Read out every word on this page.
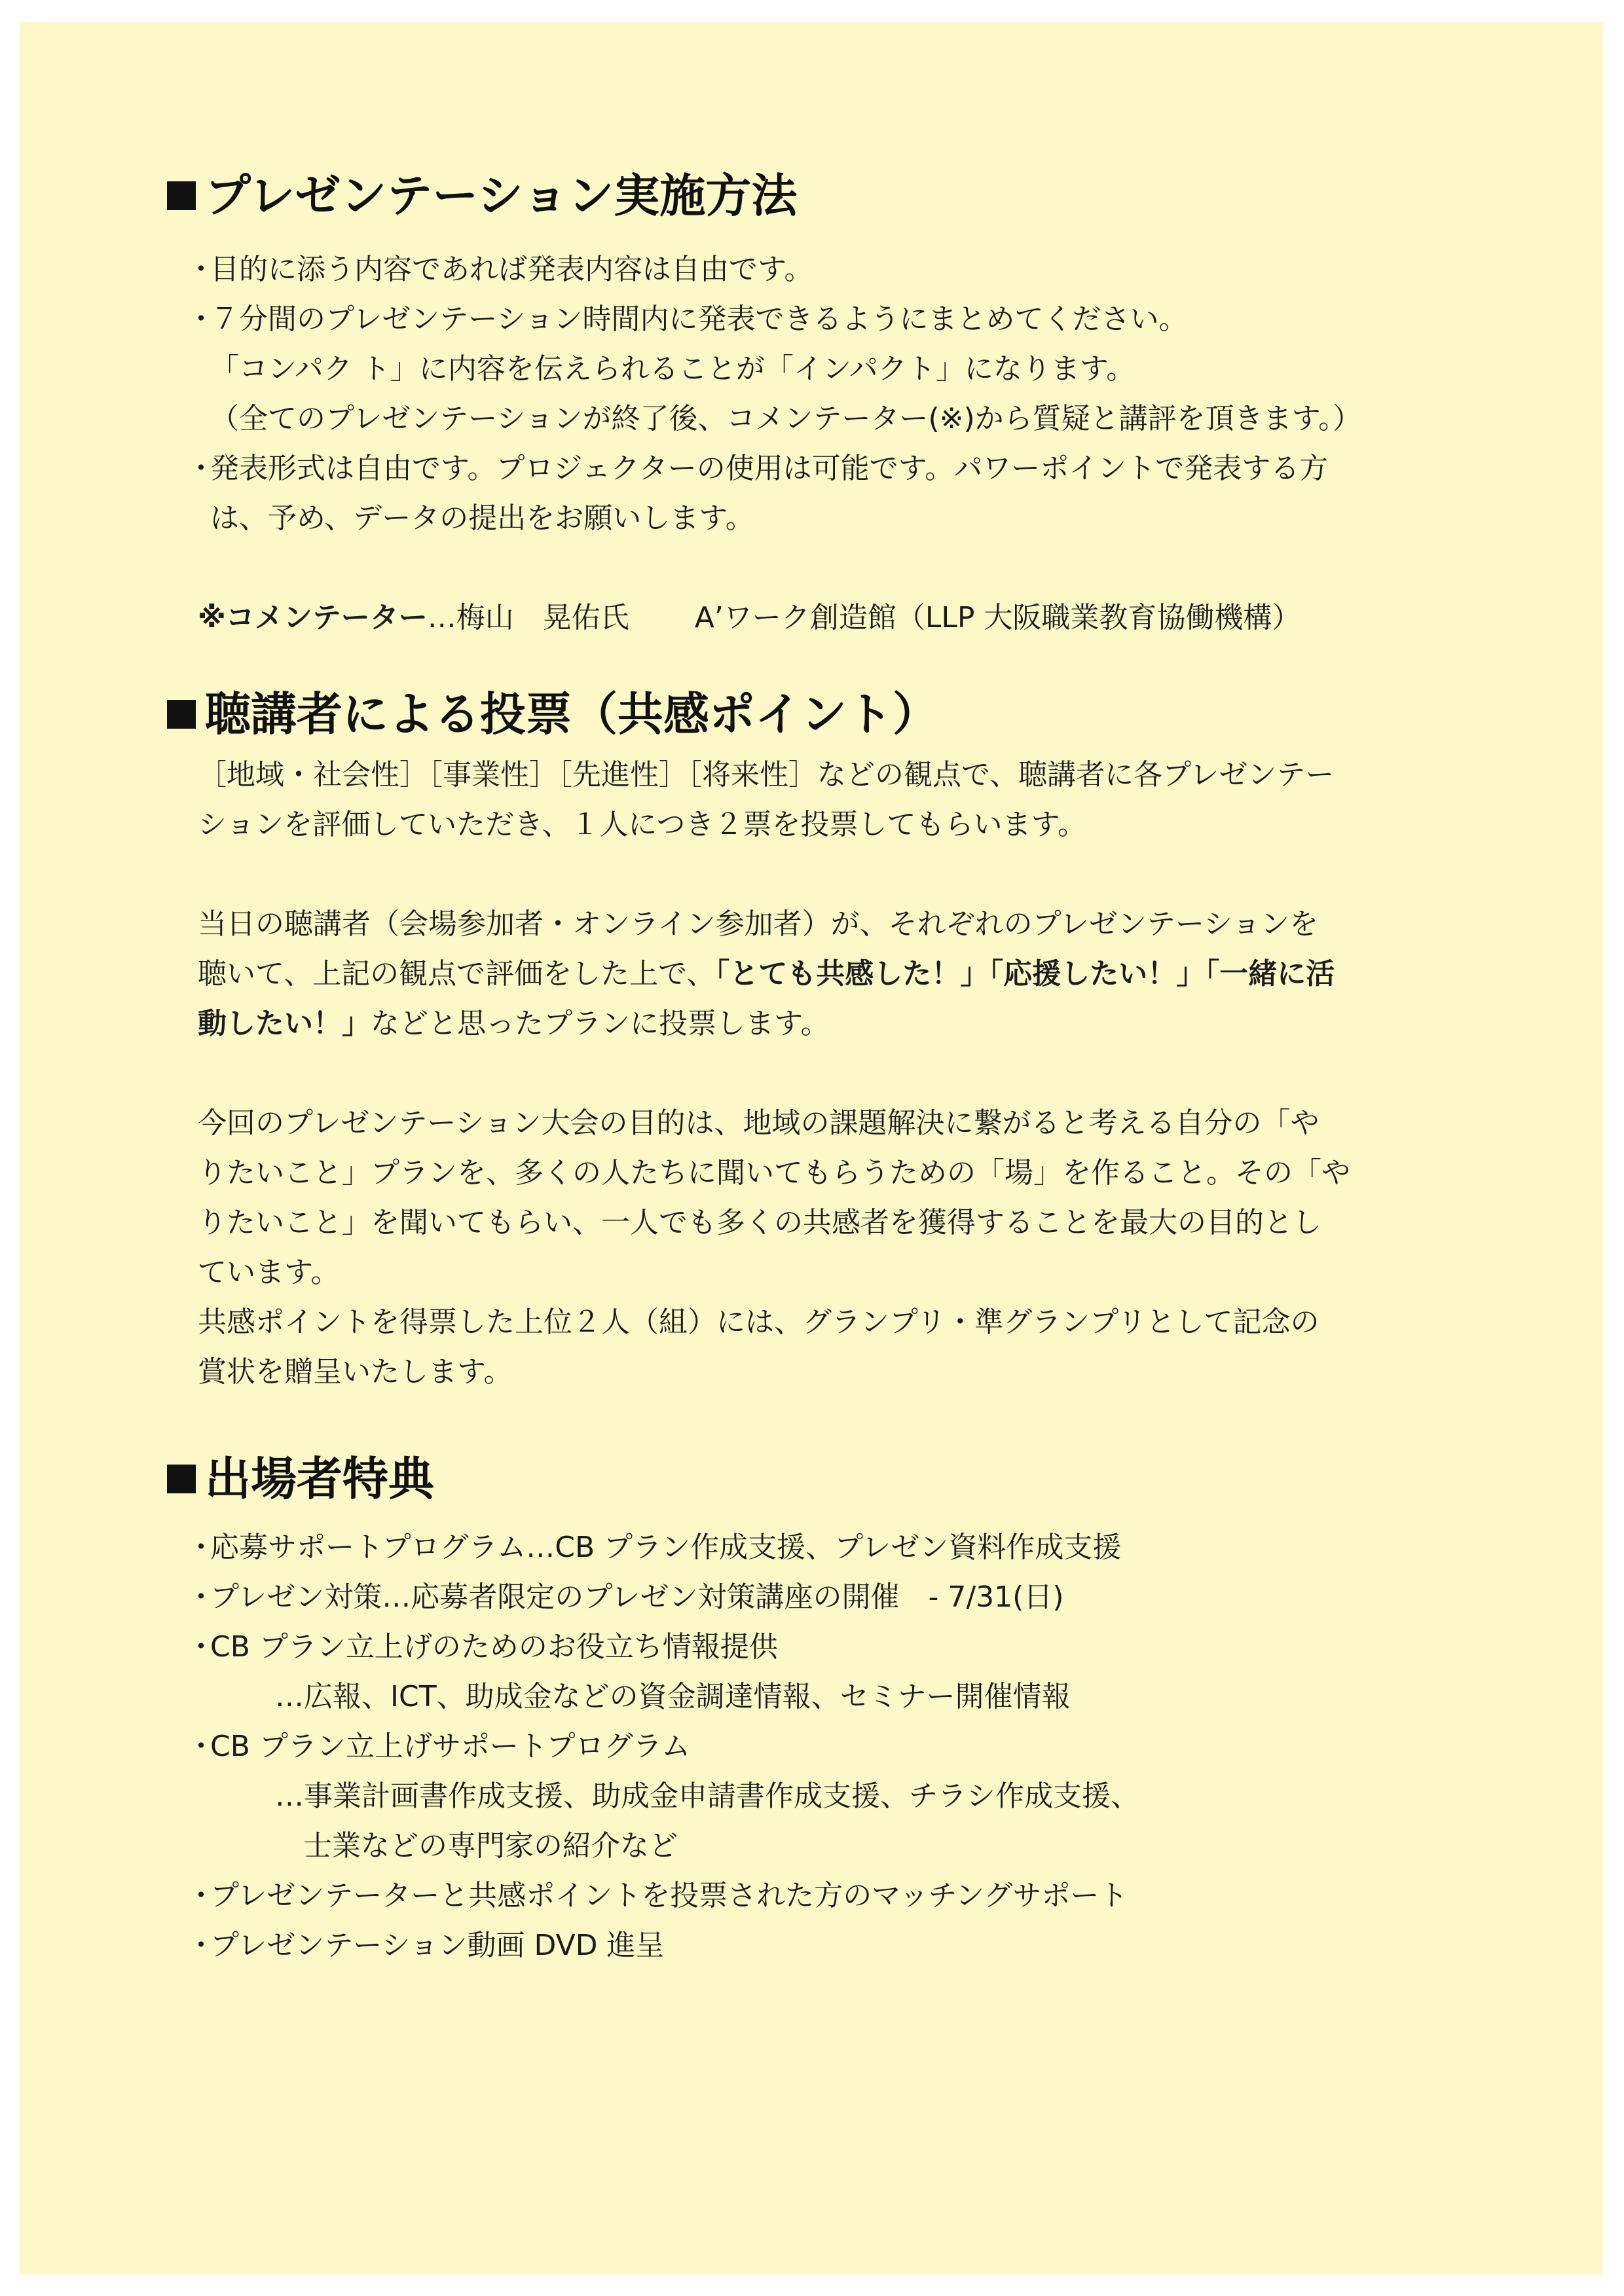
プレゼンテーション実施方法
・目的に添う内容であれば発表内容は自由です。
・７分間のプレゼンテーション時間内に発表できるようにまとめてください。
「コンパク ト」に内容を伝えられることが「インパクト」になります。
（全てのプレゼンテーションが終了後、コメンテーター(※)から質疑と講評を頂きます。）
・発表形式は自由です。プロジェクターの使用は可能です。パワーポイントで発表する方
は、予め、データの提出をお願いします。
※コメンテーター…梅山　晃佑氏 A’ワーク創造館（LLP 大阪職業教育協働機構）
聴講者による投票（共感ポイント）
［地域・社会性］［事業性］［先進性］［将来性］などの観点で、聴講者に各プレゼンテー
ションを評価していただき、１人につき２票を投票してもらいます。
当日の聴講者（会場参加者・オンライン参加者）が、それぞれのプレゼンテーションを
聴いて、上記の観点で評価をした上で、「とても共感した！」「応援したい！」「一緒に活
動したい！」などと思ったプランに投票します。
今回のプレゼンテーション大会の目的は、地域の課題解決に繋がると考える自分の「や
りたいこと」プランを、多くの人たちに聞いてもらうための「場」を作ること。その「や
りたいこと」を聞いてもらい、一人でも多くの共感者を獲得することを最大の目的とし
ています。
共感ポイントを得票した上位２人（組）には、グランプリ・準グランプリとして記念の
賞状を贈呈いたします。
出場者特典
・応募サポートプログラム…CB プラン作成支援、プレゼン資料作成支援
・プレゼン対策…応募者限定のプレゼン対策講座の開催　- 7/31(日)
・CB プラン立上げのためのお役立ち情報提供
…広報、ICT、助成金などの資金調達情報、セミナー開催情報
・CB プラン立上げサポートプログラム
…事業計画書作成支援、助成金申請書作成支援、チラシ作成支援、
士業などの専門家の紹介など
・プレゼンテーターと共感ポイントを投票された方のマッチングサポート
・プレゼンテーション動画 DVD 進呈
